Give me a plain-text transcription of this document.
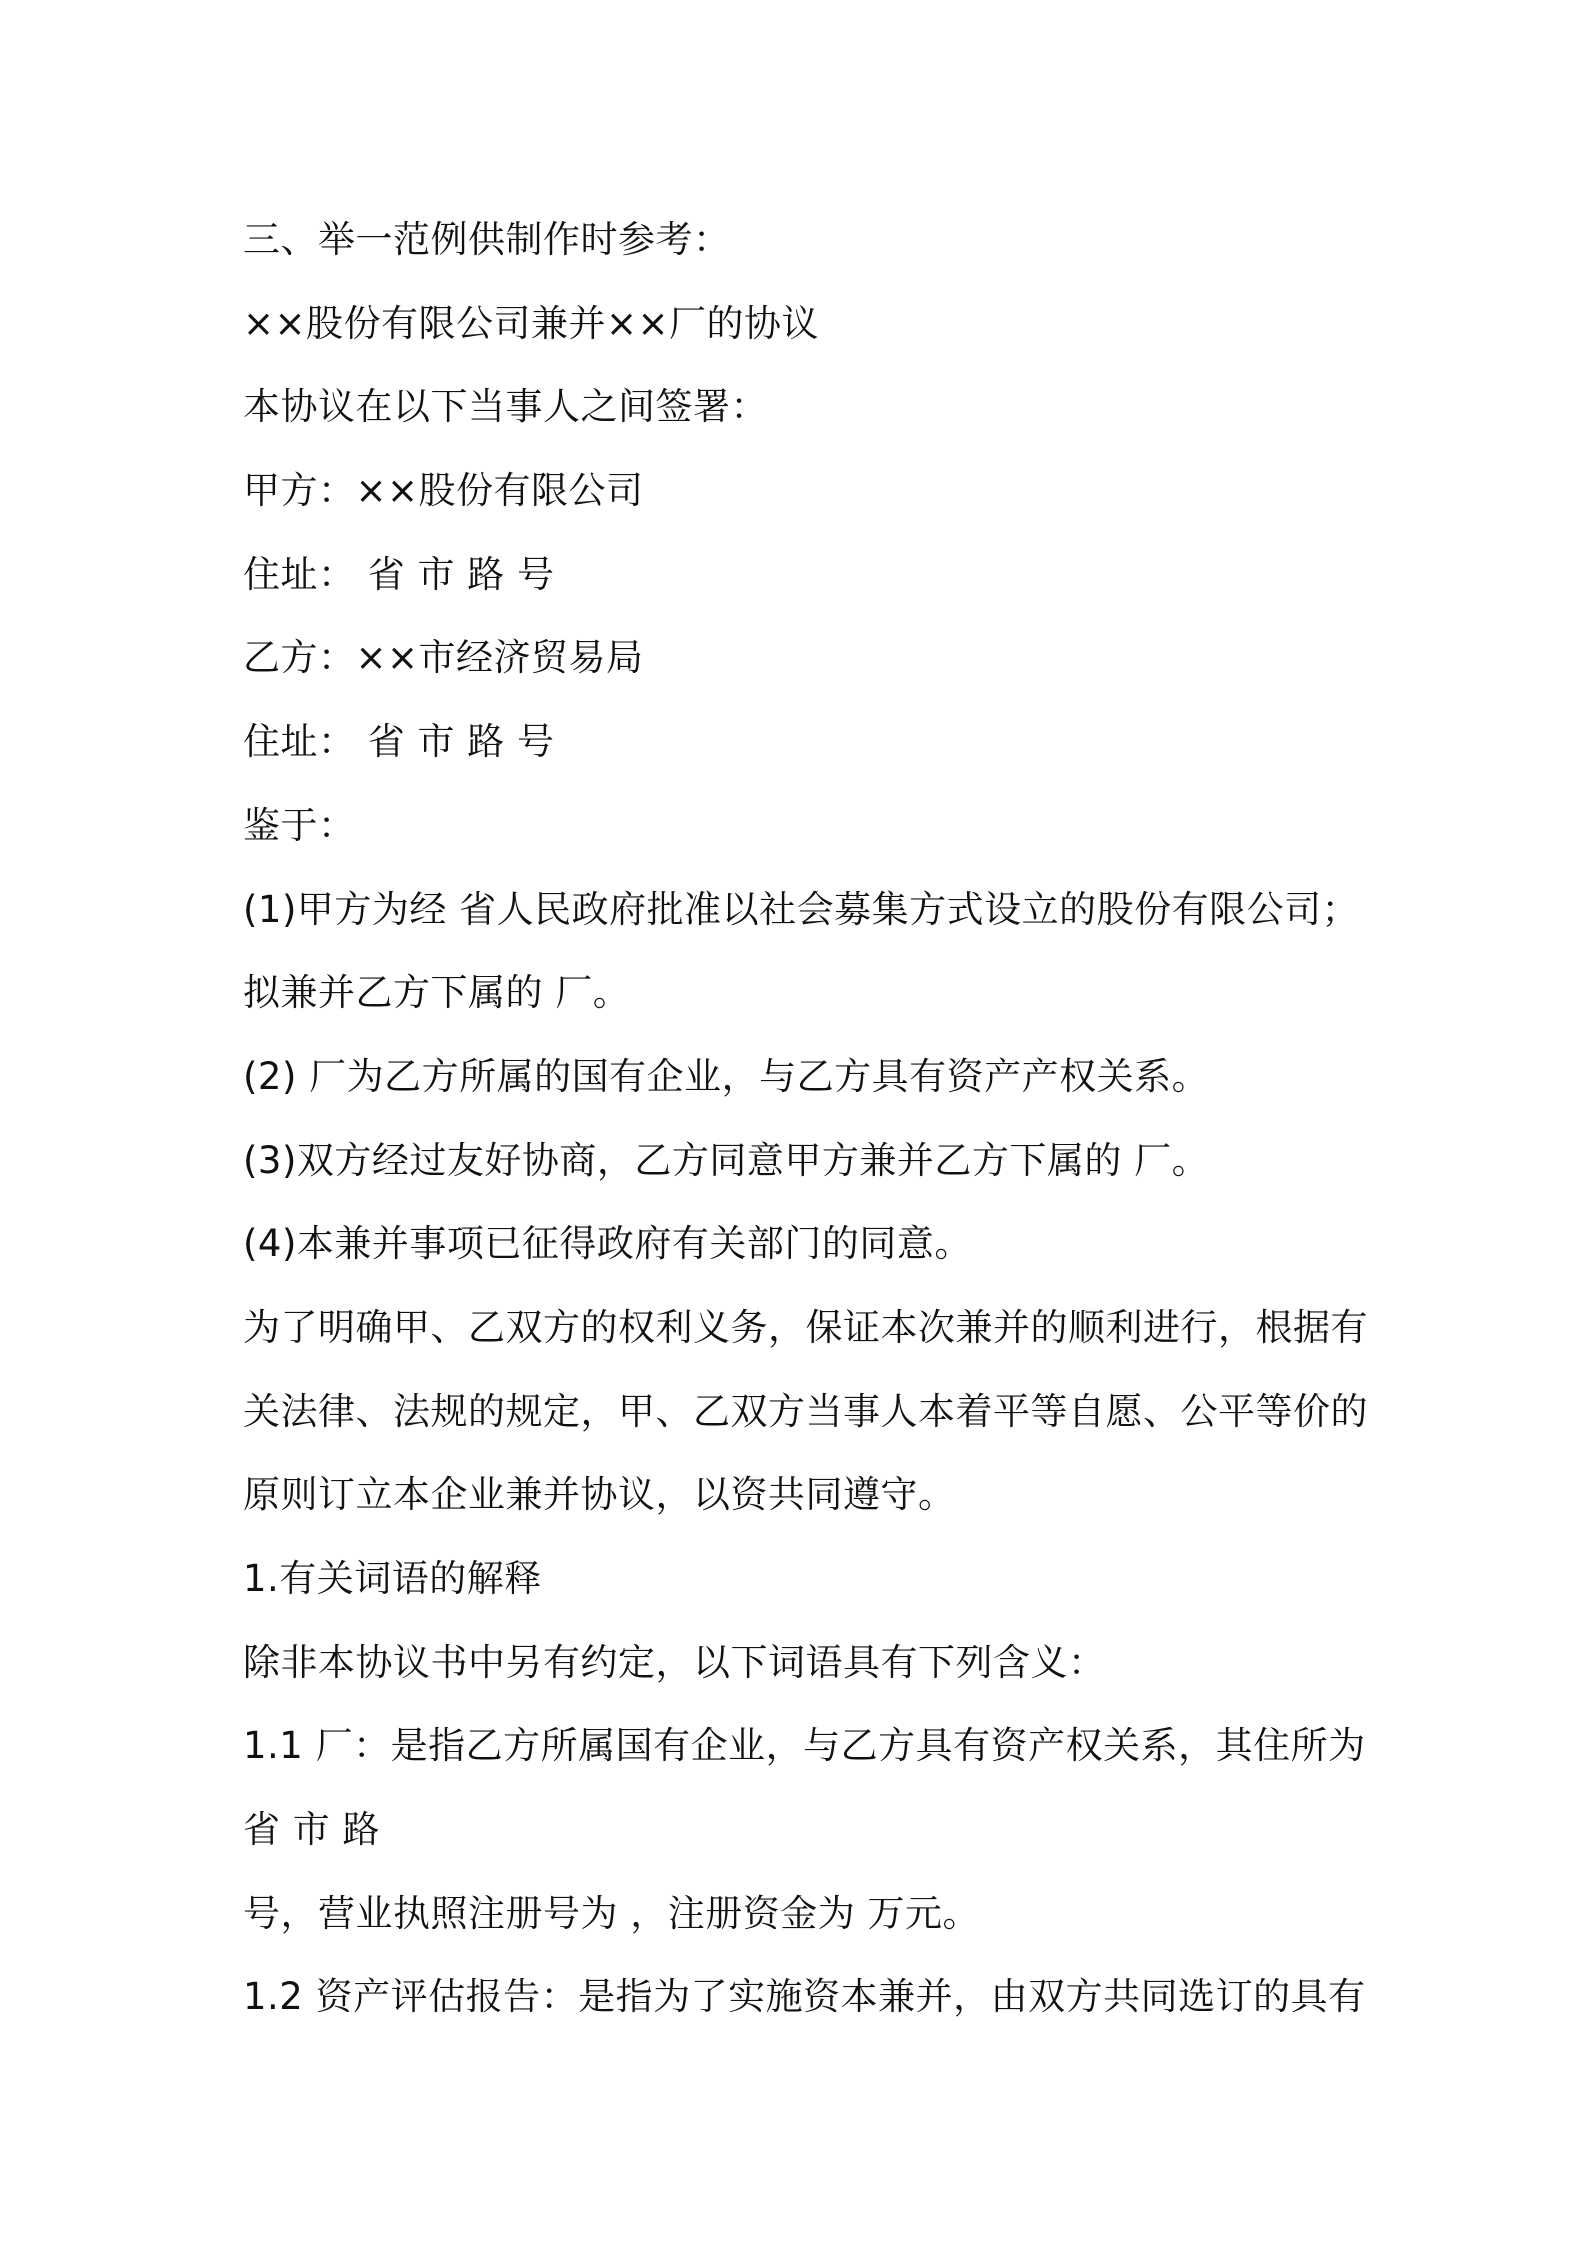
三、举一范例供制作时参考：
××股份有限公司兼并××厂的协议
本协议在以下当事人之间签署：
甲方：××股份有限公司
住址： 省 市 路 号
乙方：××市经济贸易局
住址： 省 市 路 号
鉴于：
(1)甲方为经 省人民政府批准以社会募集方式设立的股份有限公司；
拟兼并乙方下属的 厂。
(2) 厂为乙方所属的国有企业，与乙方具有资产产权关系。
(3)双方经过友好协商，乙方同意甲方兼并乙方下属的 厂。
(4)本兼并事项已征得政府有关部门的同意。
为了明确甲、乙双方的权利义务，保证本次兼并的顺利进行，根据有
关法律、法规的规定，甲、乙双方当事人本着平等自愿、公平等价的
原则订立本企业兼并协议，以资共同遵守。
1.有关词语的解释
除非本协议书中另有约定，以下词语具有下列含义：
1.1 厂：是指乙方所属国有企业，与乙方具有资产权关系，其住所为
省 市 路
号，营业执照注册号为 ，注册资金为 万元。
1.2 资产评估报告：是指为了实施资本兼并，由双方共同选订的具有
